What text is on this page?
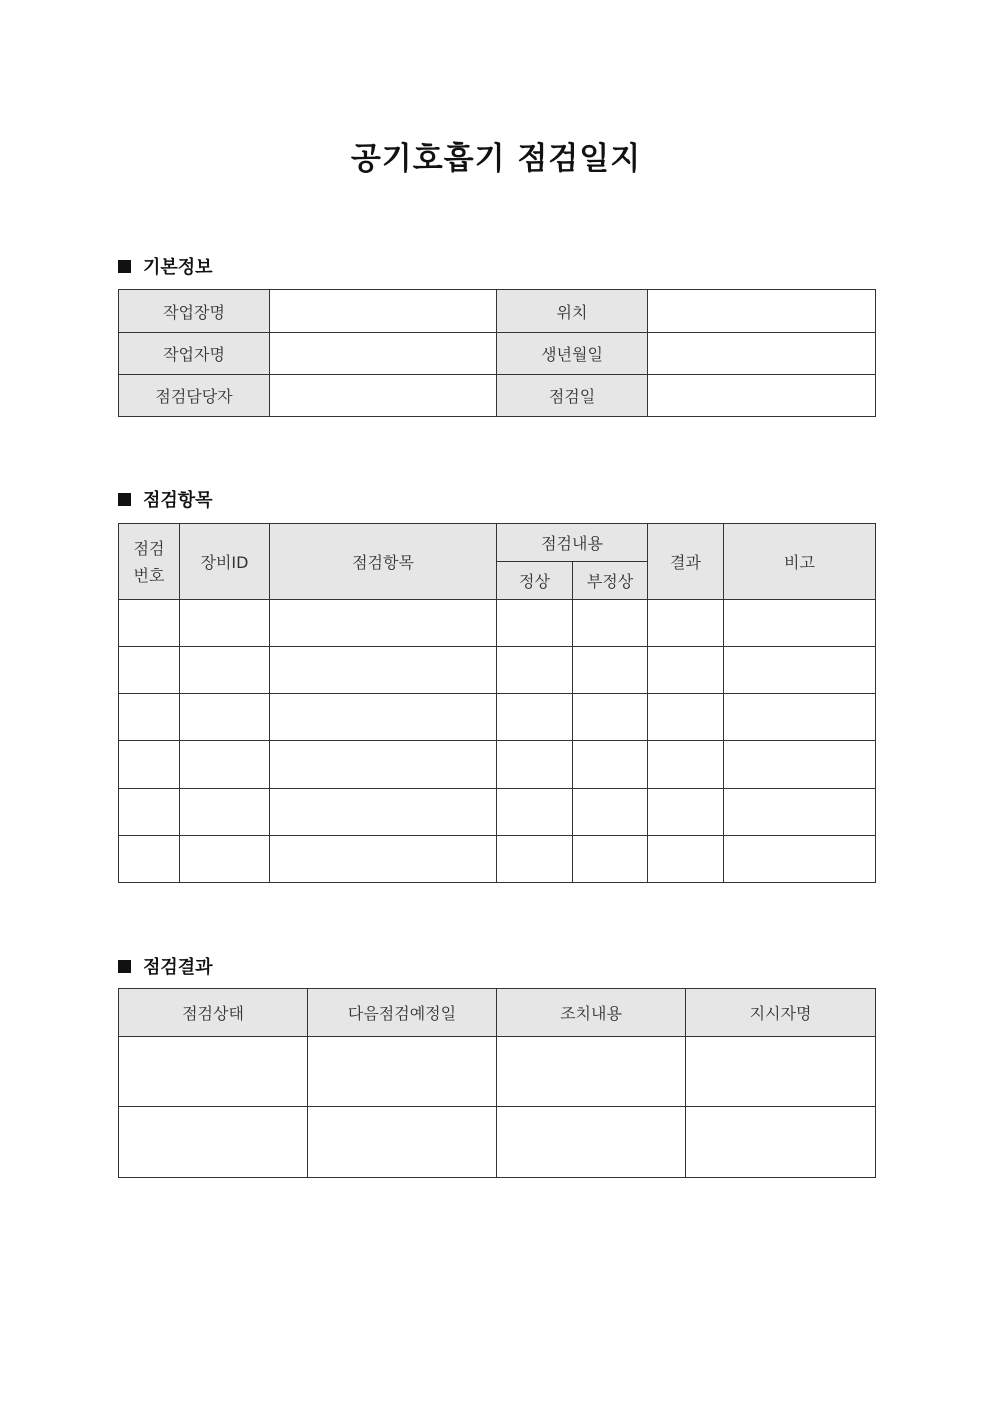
공기호흡기 점검일지
기본정보
작업장명		위치	
작업자명		생년월일	
점검담당자		점검일	
점검항목
점검
번호	장비ID	점검항목	점검내용		결과	비고
			정상	부정상		

점검결과
점검상태	다음점검예정일	조치내용	지시자명
